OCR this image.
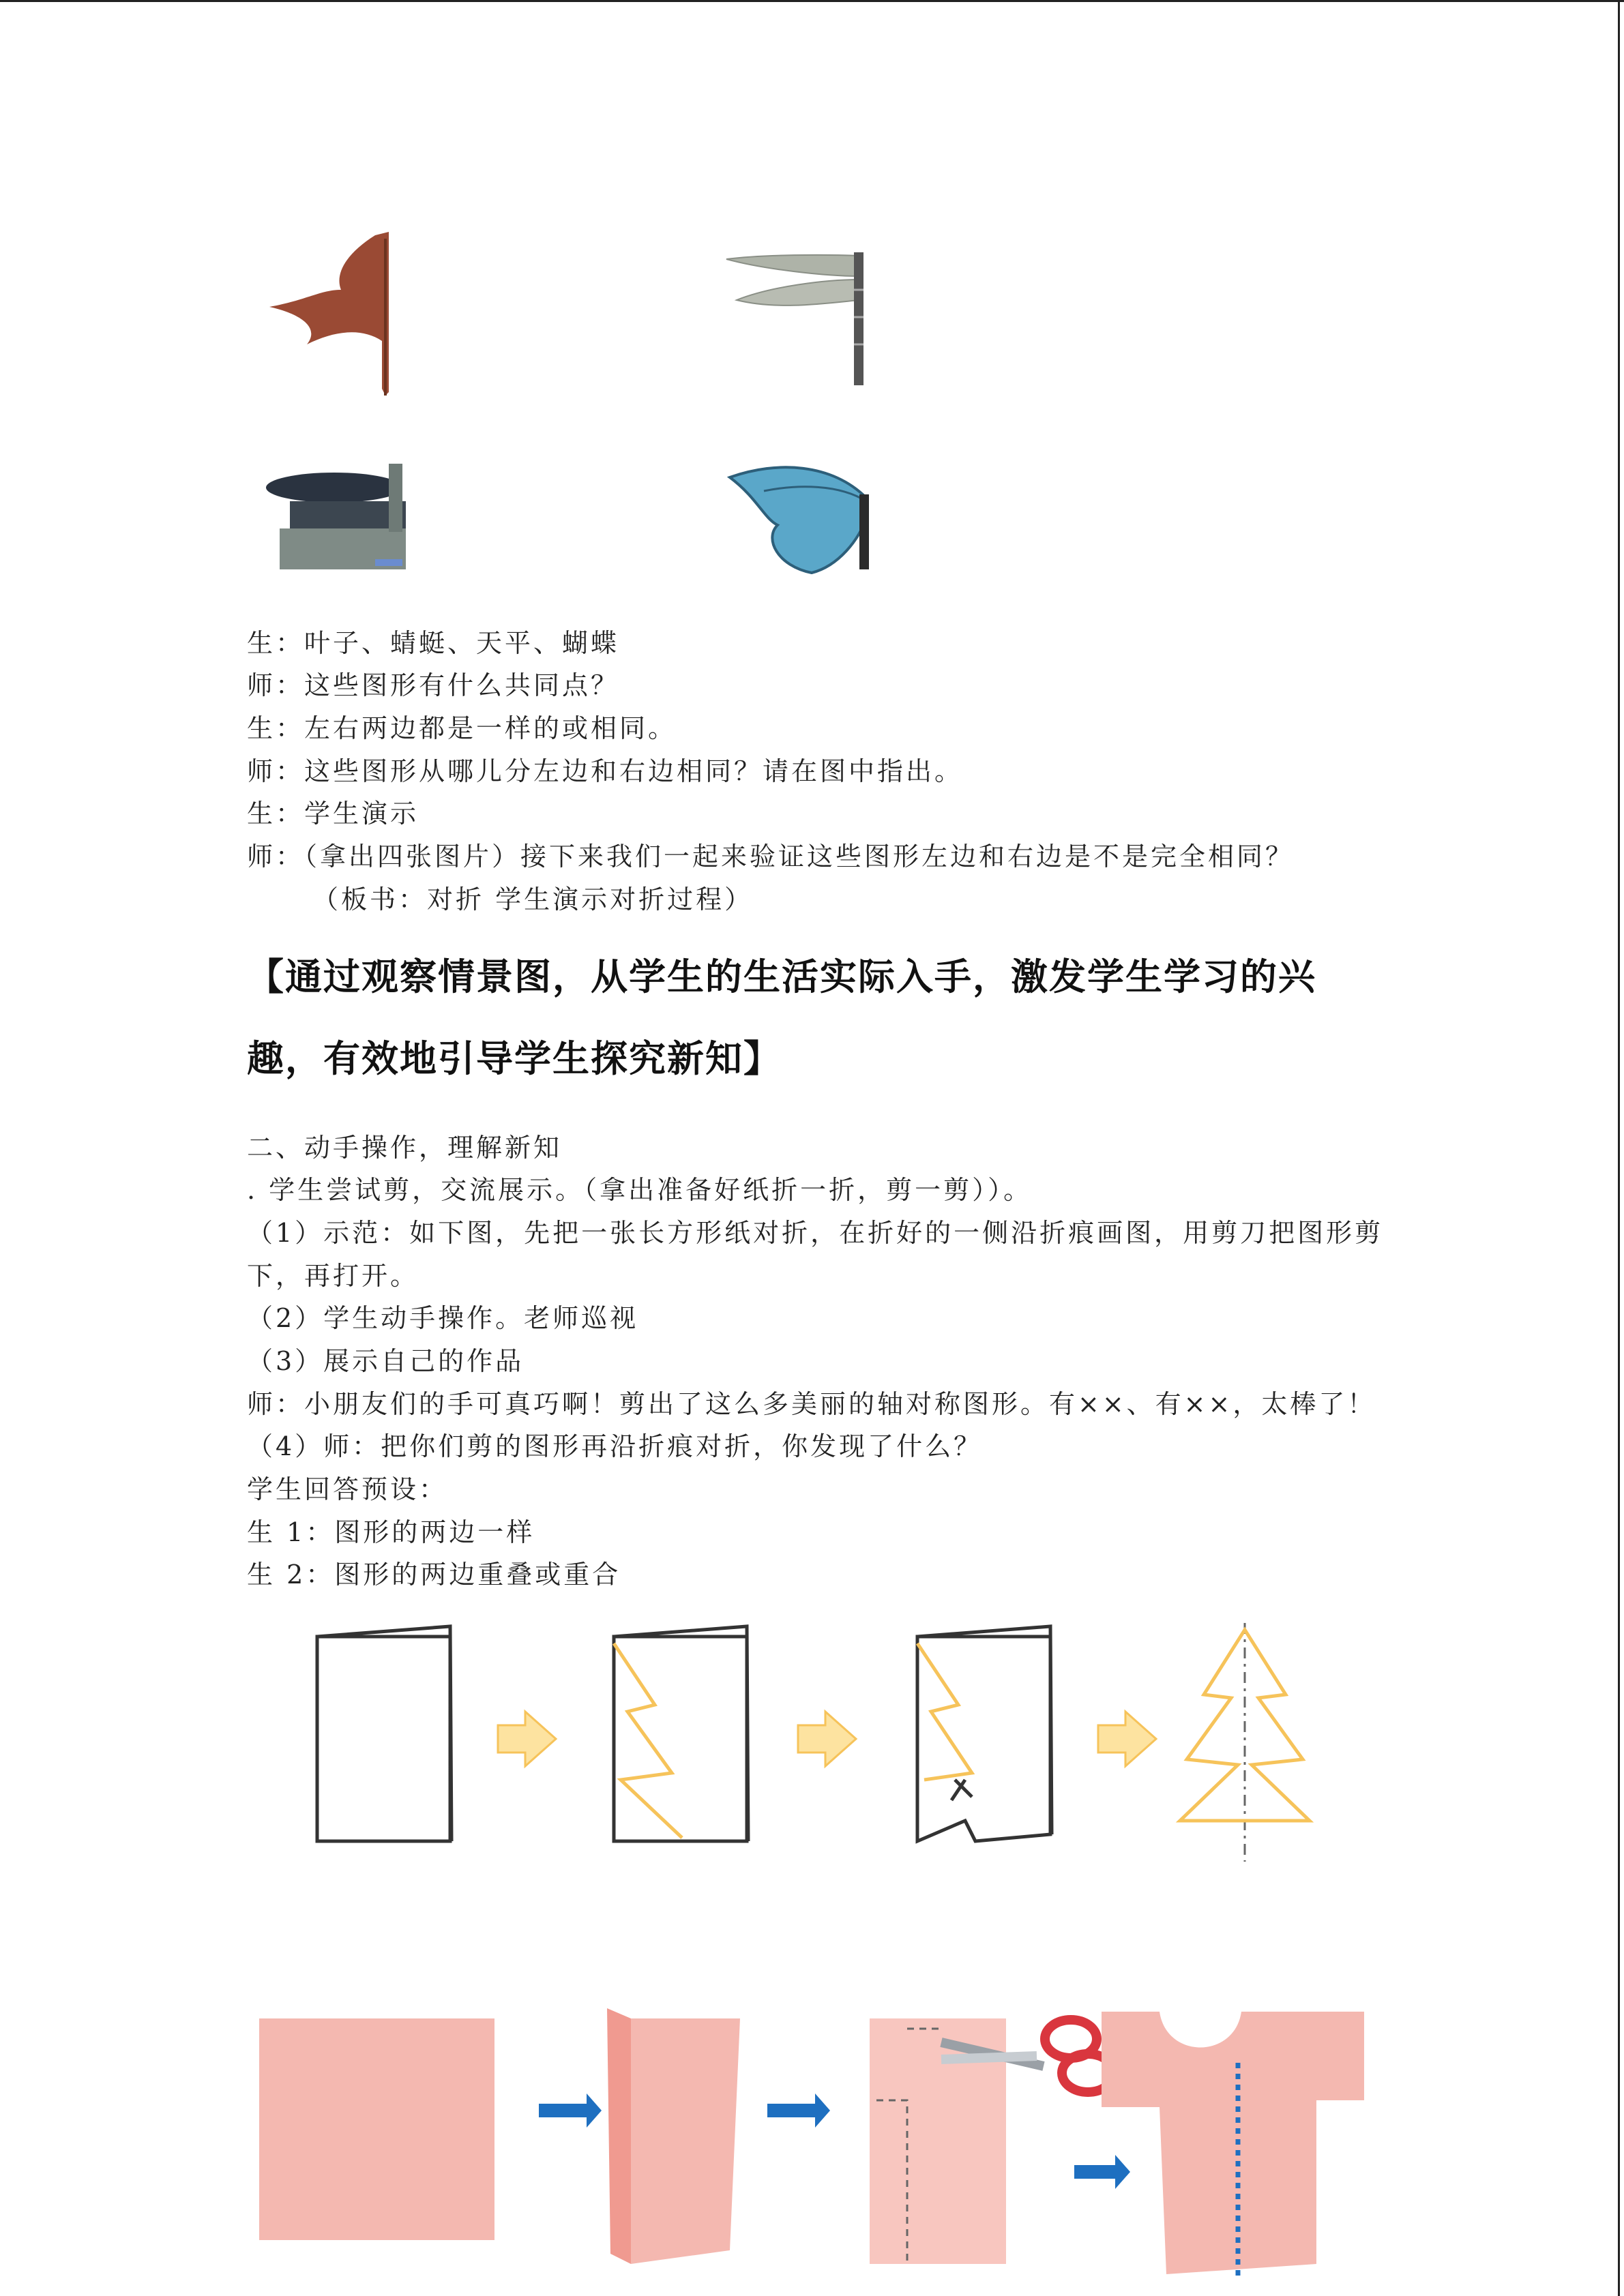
生：叶子、蜻蜓、天平、蝴蝶
师：这些图形有什么共同点？
生：左右两边都是一样的或相同。
师：这些图形从哪儿分左边和右边相同？请在图中指出。
生：学生演示
师：（拿出四张图片）接下来我们一起来验证这些图形左边和右边是不是完全相同？
（板书：对折 学生演示对折过程）
【通过观察情景图，从学生的生活实际入手，激发学生学习的兴
趣，有效地引导学生探究新知】
二、动手操作，理解新知
. 学生尝试剪，交流展示。（拿出准备好纸折一折，剪一剪））。
（1）示范：如下图，先把一张长方形纸对折，在折好的一侧沿折痕画图，用剪刀把图形剪
下，再打开。
（2）学生动手操作。老师巡视
（3）展示自己的作品
师：小朋友们的手可真巧啊！剪出了这么多美丽的轴对称图形。有××、有××，太棒了！
（4）师：把你们剪的图形再沿折痕对折，你发现了什么？
学生回答预设：
生 1：图形的两边一样
生 2：图形的两边重叠或重合
